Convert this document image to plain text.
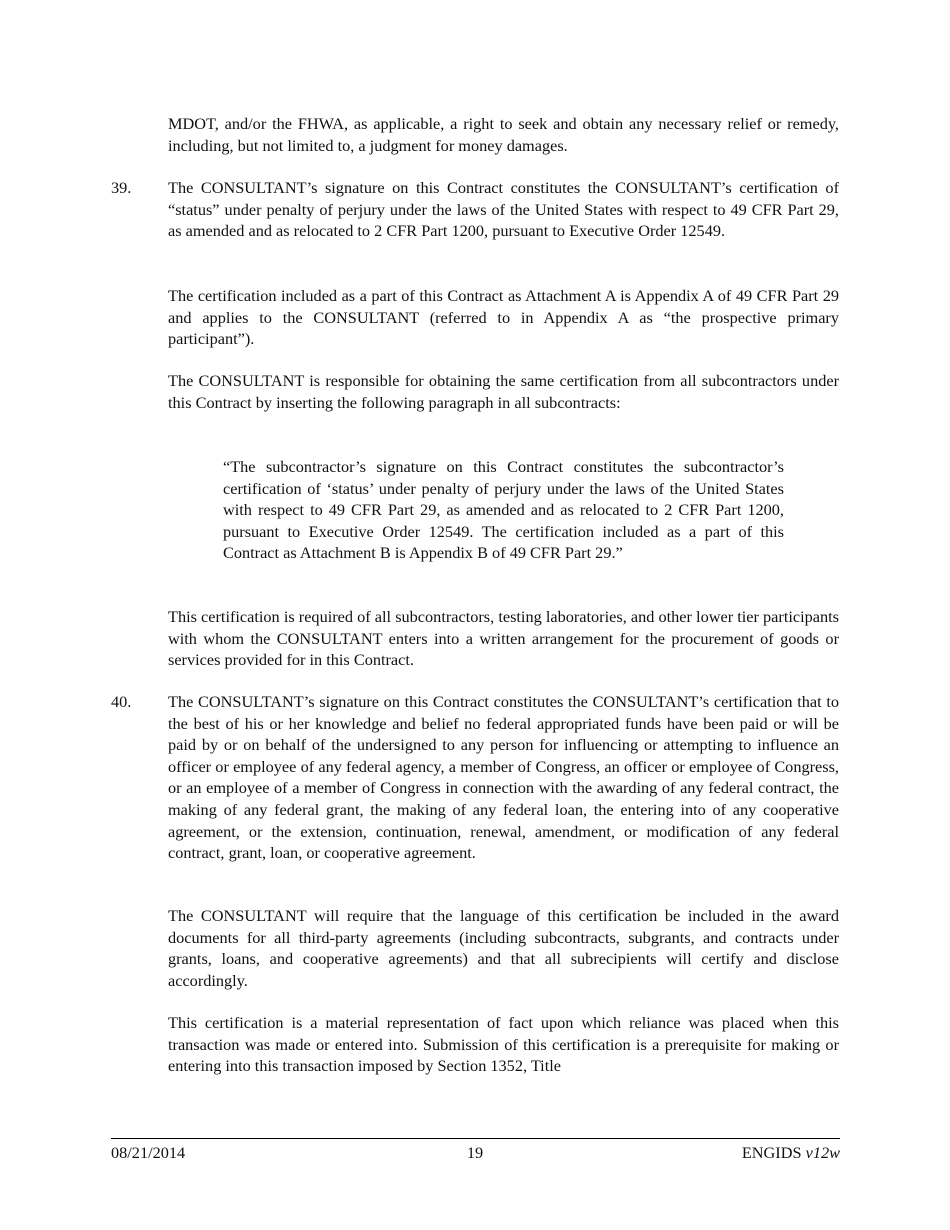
MDOT, and/or the FHWA, as applicable, a right to seek and obtain any necessary relief or remedy, including, but not limited to, a judgment for money damages.

39. The CONSULTANT’s signature on this Contract constitutes the CONSULTANT’s certification of “status” under penalty of perjury under the laws of the United States with respect to 49 CFR Part 29, as amended and as relocated to 2 CFR Part 1200, pursuant to Executive Order 12549.

The certification included as a part of this Contract as Attachment A is Appendix A of 49 CFR Part 29 and applies to the CONSULTANT (referred to in Appendix A as “the prospective primary participant”).

The CONSULTANT is responsible for obtaining the same certification from all subcontractors under this Contract by inserting the following paragraph in all subcontracts:

“The subcontractor’s signature on this Contract constitutes the subcontractor’s certification of ‘status’ under penalty of perjury under the laws of the United States with respect to 49 CFR Part 29, as amended and as relocated to 2 CFR Part 1200, pursuant to Executive Order 12549. The certification included as a part of this Contract as Attachment B is Appendix B of 49 CFR Part 29.”

This certification is required of all subcontractors, testing laboratories, and other lower tier participants with whom the CONSULTANT enters into a written arrangement for the procurement of goods or services provided for in this Contract.

40. The CONSULTANT’s signature on this Contract constitutes the CONSULTANT’s certification that to the best of his or her knowledge and belief no federal appropriated funds have been paid or will be paid by or on behalf of the undersigned to any person for influencing or attempting to influence an officer or employee of any federal agency, a member of Congress, an officer or employee of Congress, or an employee of a member of Congress in connection with the awarding of any federal contract, the making of any federal grant, the making of any federal loan, the entering into of any cooperative agreement, or the extension, continuation, renewal, amendment, or modification of any federal contract, grant, loan, or cooperative agreement.

The CONSULTANT will require that the language of this certification be included in the award documents for all third-party agreements (including subcontracts, subgrants, and contracts under grants, loans, and cooperative agreements) and that all subrecipients will certify and disclose accordingly.

This certification is a material representation of fact upon which reliance was placed when this transaction was made or entered into. Submission of this certification is a prerequisite for making or entering into this transaction imposed by Section 1352, Title

08/21/2014	19	ENGIDS v12w
